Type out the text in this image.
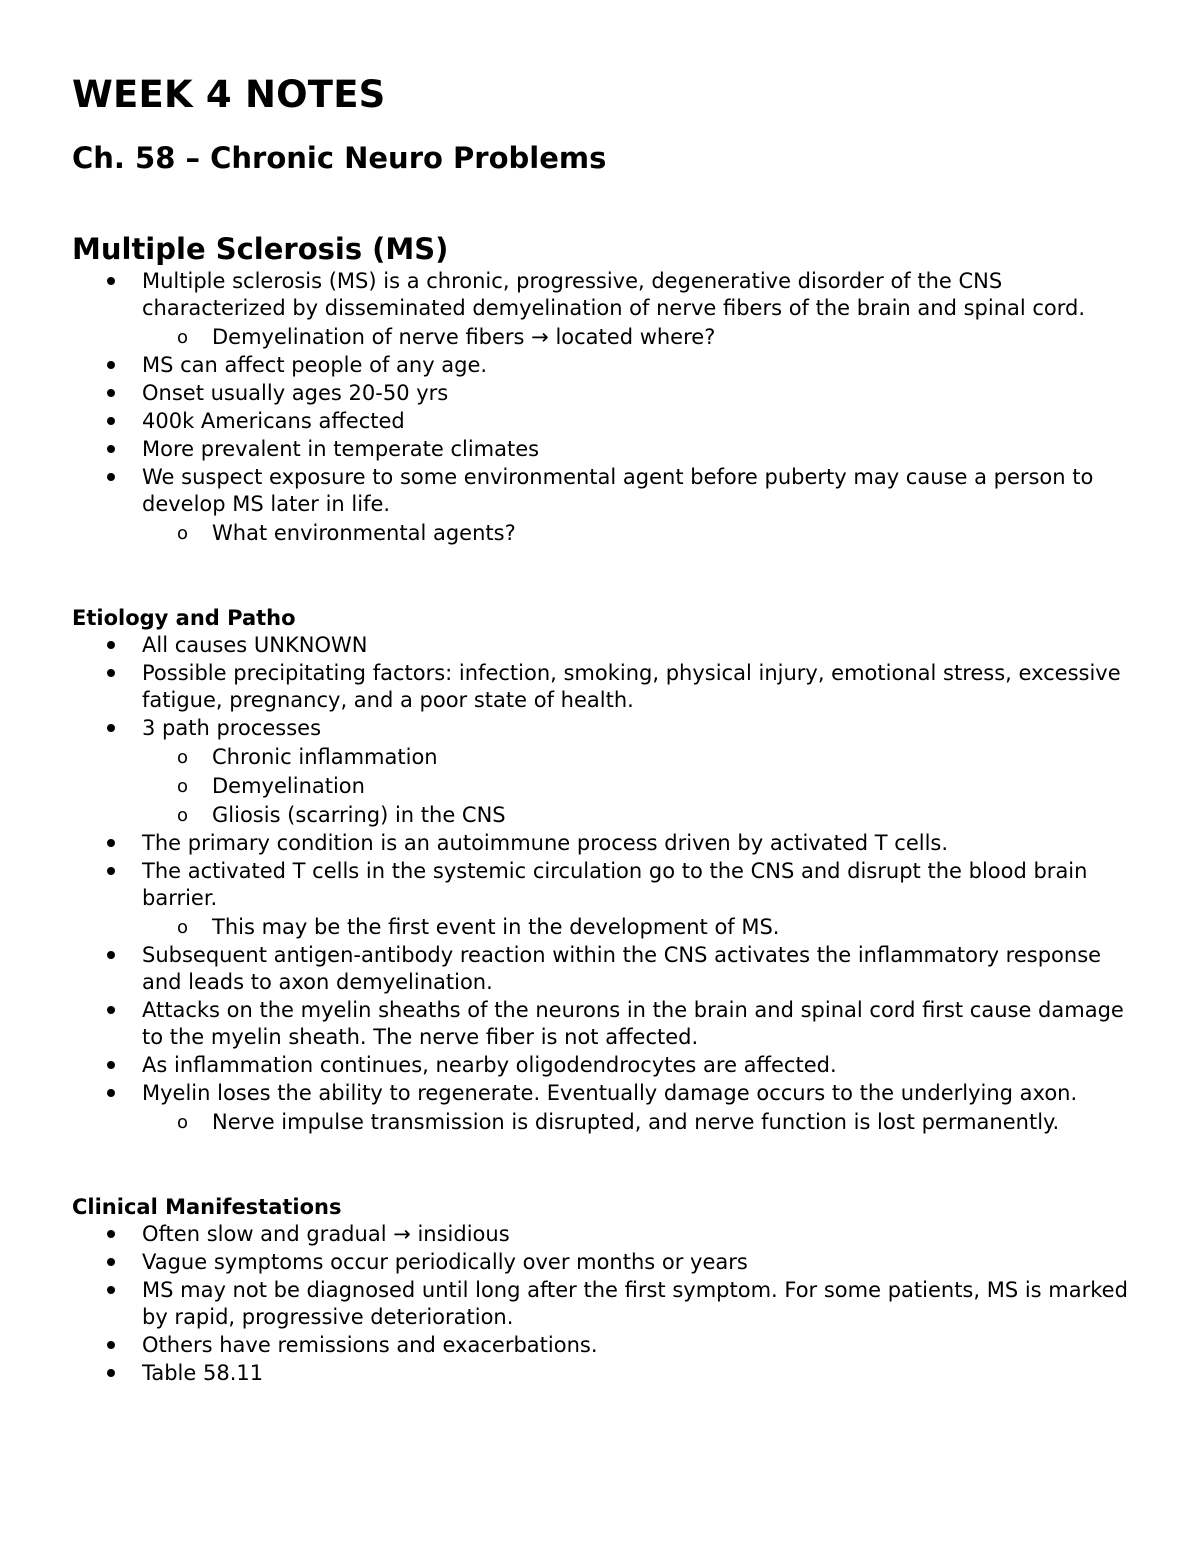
WEEK 4 NOTES
Ch. 58 – Chronic Neuro Problems
Multiple Sclerosis (MS)
Multiple sclerosis (MS) is a chronic, progressive, degenerative disorder of the CNS characterized by disseminated demyelination of nerve fibers of the brain and spinal cord.
o Demyelination of nerve fibers → located where?
MS can affect people of any age.
Onset usually ages 20-50 yrs
400k Americans affected
More prevalent in temperate climates
We suspect exposure to some environmental agent before puberty may cause a person to develop MS later in life.
o What environmental agents?
Etiology and Patho
All causes UNKNOWN
Possible precipitating factors: infection, smoking, physical injury, emotional stress, excessive fatigue, pregnancy, and a poor state of health.
3 path processes
o Chronic inflammation
o Demyelination
o Gliosis (scarring) in the CNS
The primary condition is an autoimmune process driven by activated T cells.
The activated T cells in the systemic circulation go to the CNS and disrupt the blood brain barrier.
o This may be the first event in the development of MS.
Subsequent antigen-antibody reaction within the CNS activates the inflammatory response and leads to axon demyelination.
Attacks on the myelin sheaths of the neurons in the brain and spinal cord first cause damage to the myelin sheath. The nerve fiber is not affected.
As inflammation continues, nearby oligodendrocytes are affected.
Myelin loses the ability to regenerate. Eventually damage occurs to the underlying axon.
o Nerve impulse transmission is disrupted, and nerve function is lost permanently.
Clinical Manifestations
Often slow and gradual → insidious
Vague symptoms occur periodically over months or years
MS may not be diagnosed until long after the first symptom. For some patients, MS is marked by rapid, progressive deterioration.
Others have remissions and exacerbations.
Table 58.11
